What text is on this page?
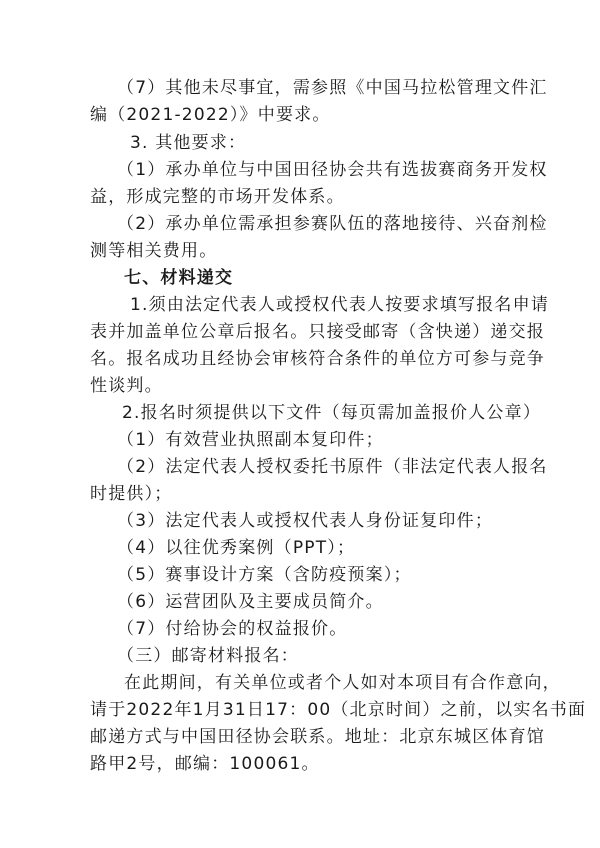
（7）其他未尽事宜，需参照《中国马拉松管理文件汇
编（2021-2022）》中要求。
3. 其他要求：
（1）承办单位与中国田径协会共有选拔赛商务开发权
益，形成完整的市场开发体系。
（2）承办单位需承担参赛队伍的落地接待、兴奋剂检
测等相关费用。
七、材料递交
1.须由法定代表人或授权代表人按要求填写报名申请
表并加盖单位公章后报名。只接受邮寄（含快递）递交报
名。报名成功且经协会审核符合条件的单位方可参与竞争
性谈判。
2.报名时须提供以下文件（每页需加盖报价人公章）
（1）有效营业执照副本复印件；
（2）法定代表人授权委托书原件（非法定代表人报名
时提供）；
（3）法定代表人或授权代表人身份证复印件；
（4）以往优秀案例（PPT）；
（5）赛事设计方案（含防疫预案）；
（6）运营团队及主要成员简介。
（7）付给协会的权益报价。
（三）邮寄材料报名：
在此期间，有关单位或者个人如对本项目有合作意向，
请于2022年1月31日17：00（北京时间）之前，以实名书面
邮递方式与中国田径协会联系。地址：北京东城区体育馆
路甲2号，邮编：100061。
